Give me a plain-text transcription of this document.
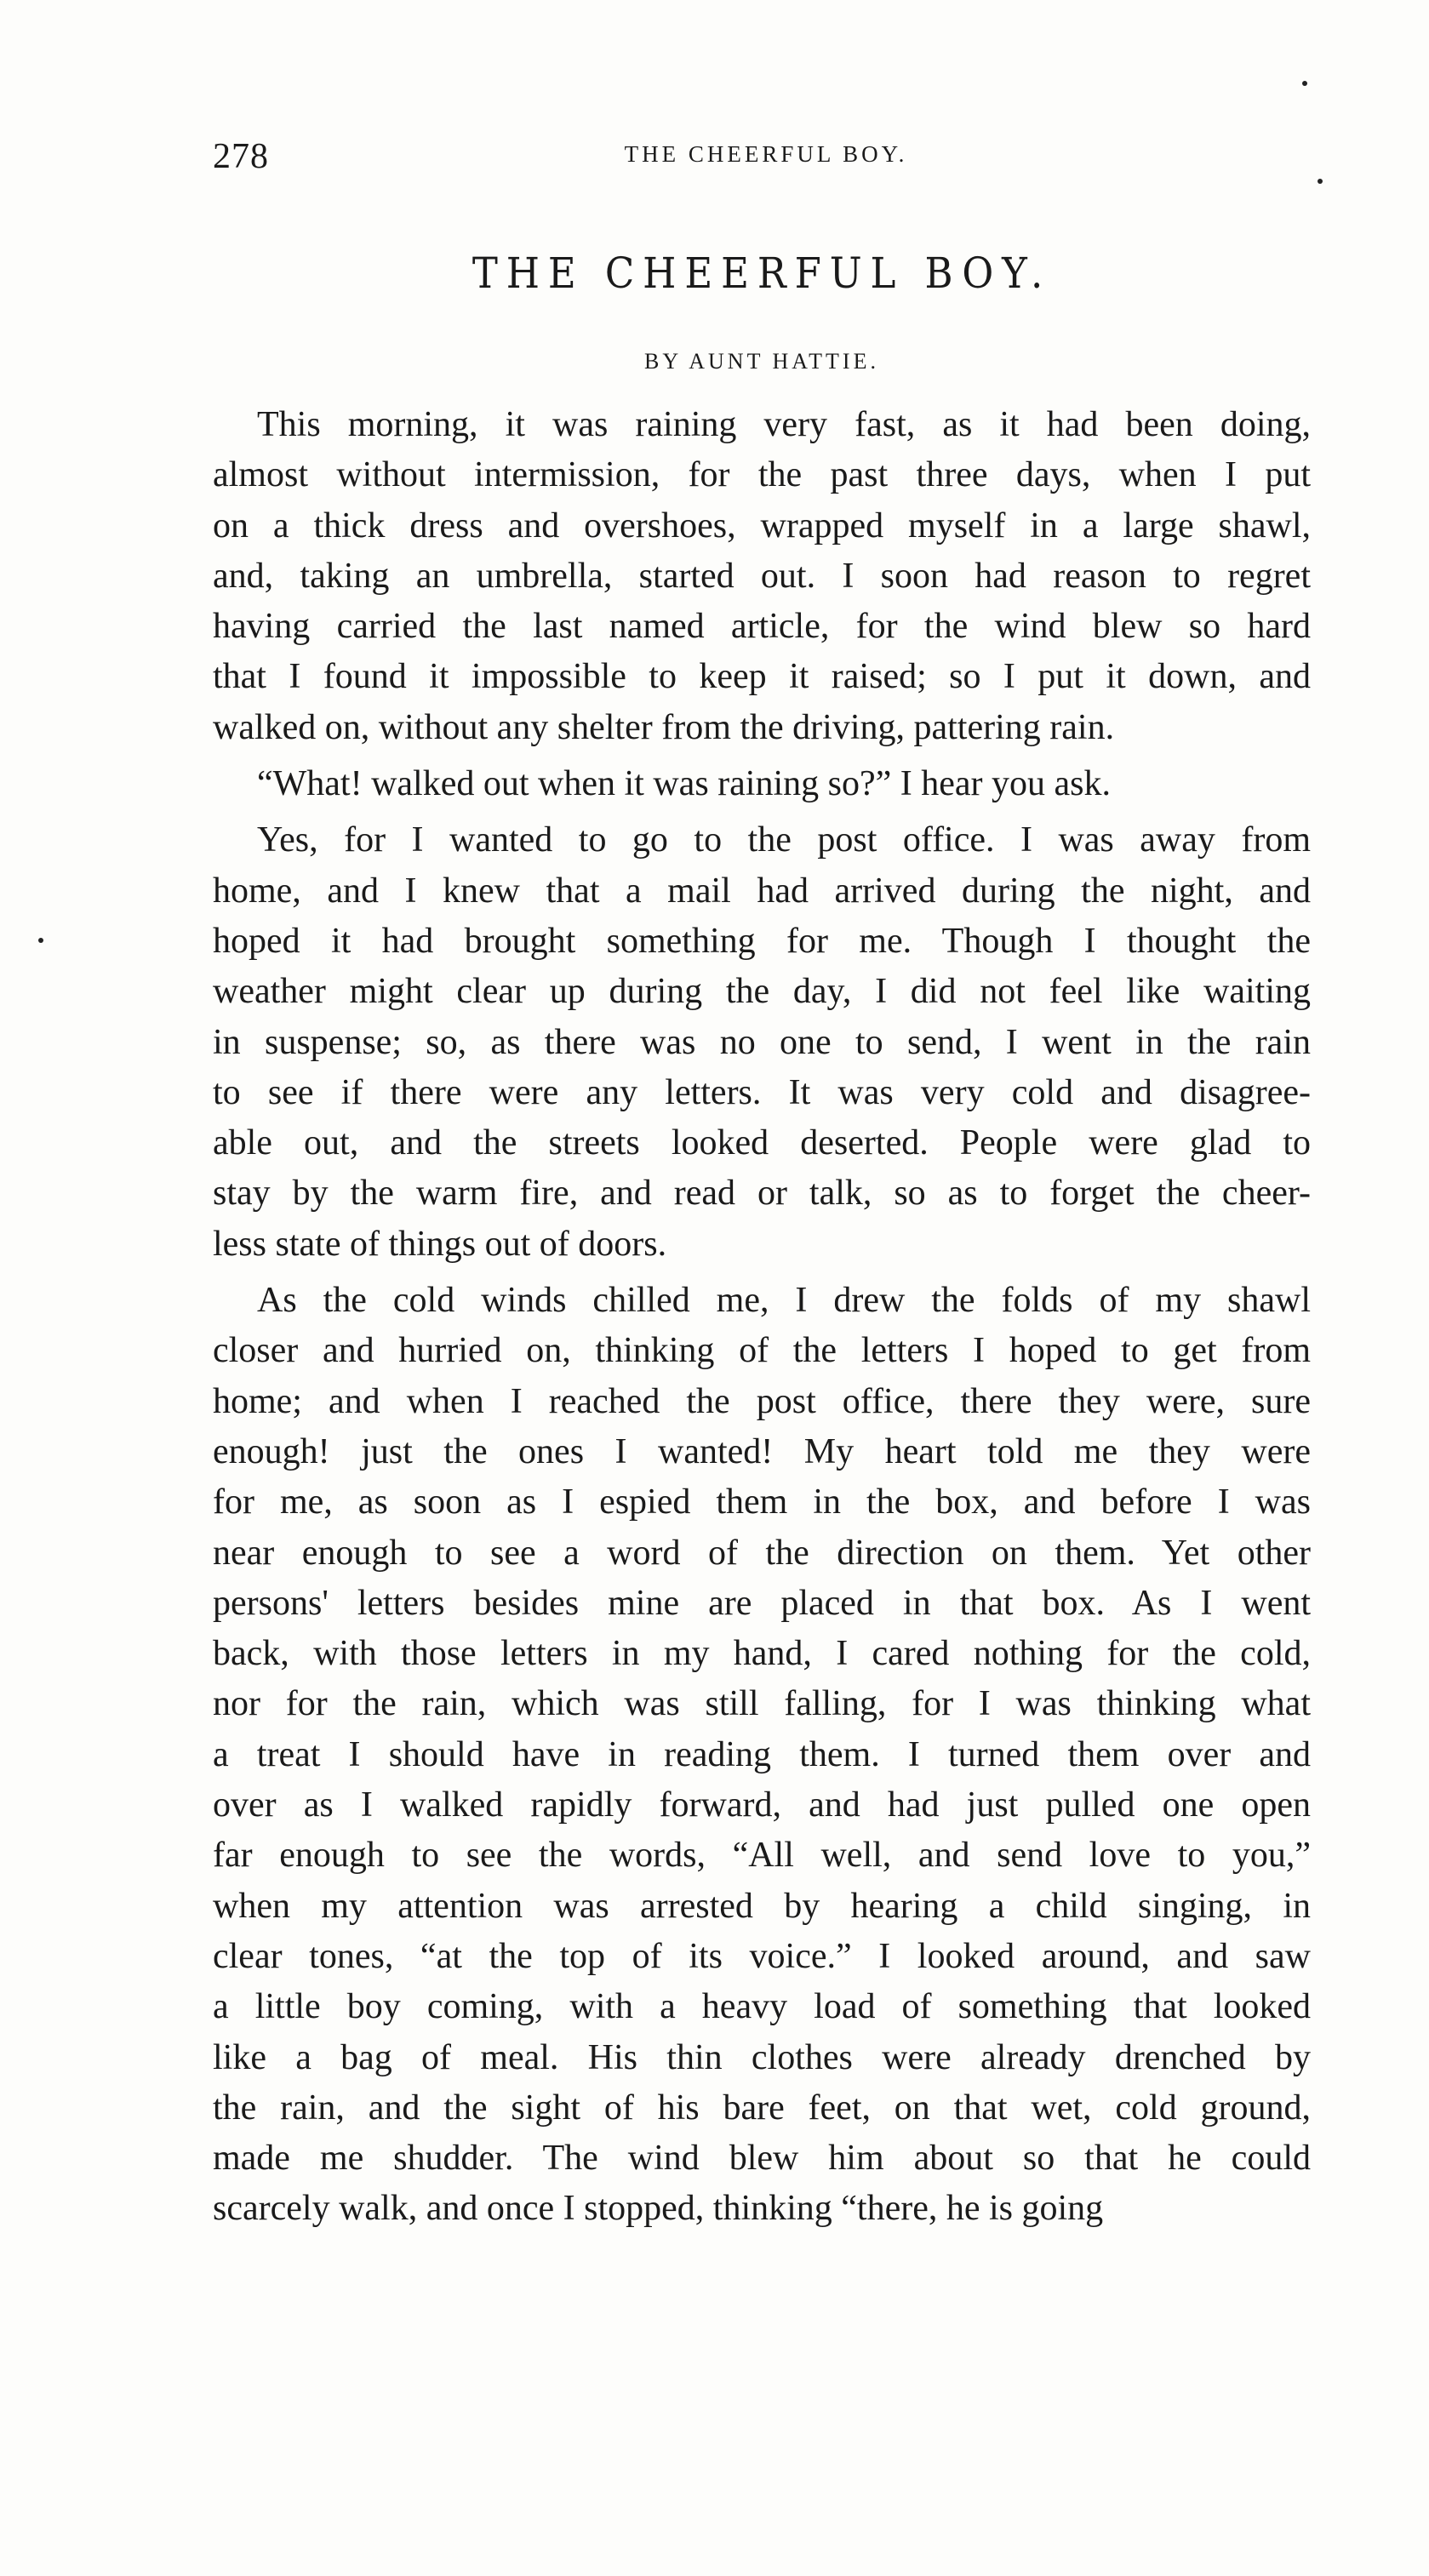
278	THE CHEERFUL BOY.
THE CHEERFUL BOY.
BY AUNT HATTIE.

This morning, it was raining very fast, as it had been doing,
almost without intermission, for the past three days, when I put
on a thick dress and overshoes, wrapped myself in a large shawl,
and, taking an umbrella, started out. I soon had reason to regret
having carried the last named article, for the wind blew so hard
that I found it impossible to keep it raised; so I put it down, and
walked on, without any shelter from the driving, pattering rain.

“What! walked out when it was raining so?” I hear you ask.

Yes, for I wanted to go to the post office. I was away from
home, and I knew that a mail had arrived during the night, and
hoped it had brought something for me. Though I thought the
weather might clear up during the day, I did not feel like waiting
in suspense; so, as there was no one to send, I went in the rain
to see if there were any letters. It was very cold and disagree-
able out, and the streets looked deserted. People were glad to
stay by the warm fire, and read or talk, so as to forget the cheer-
less state of things out of doors.

As the cold winds chilled me, I drew the folds of my shawl
closer and hurried on, thinking of the letters I hoped to get from
home; and when I reached the post office, there they were, sure
enough! just the ones I wanted! My heart told me they were
for me, as soon as I espied them in the box, and before I was
near enough to see a word of the direction on them. Yet other
persons' letters besides mine are placed in that box. As I went
back, with those letters in my hand, I cared nothing for the cold,
nor for the rain, which was still falling, for I was thinking what
a treat I should have in reading them. I turned them over and
over as I walked rapidly forward, and had just pulled one open
far enough to see the words, “All well, and send love to you,”
when my attention was arrested by hearing a child singing, in
clear tones, “at the top of its voice.” I looked around, and saw
a little boy coming, with a heavy load of something that looked
like a bag of meal. His thin clothes were already drenched by
the rain, and the sight of his bare feet, on that wet, cold ground,
made me shudder. The wind blew him about so that he could
scarcely walk, and once I stopped, thinking “there, he is going
